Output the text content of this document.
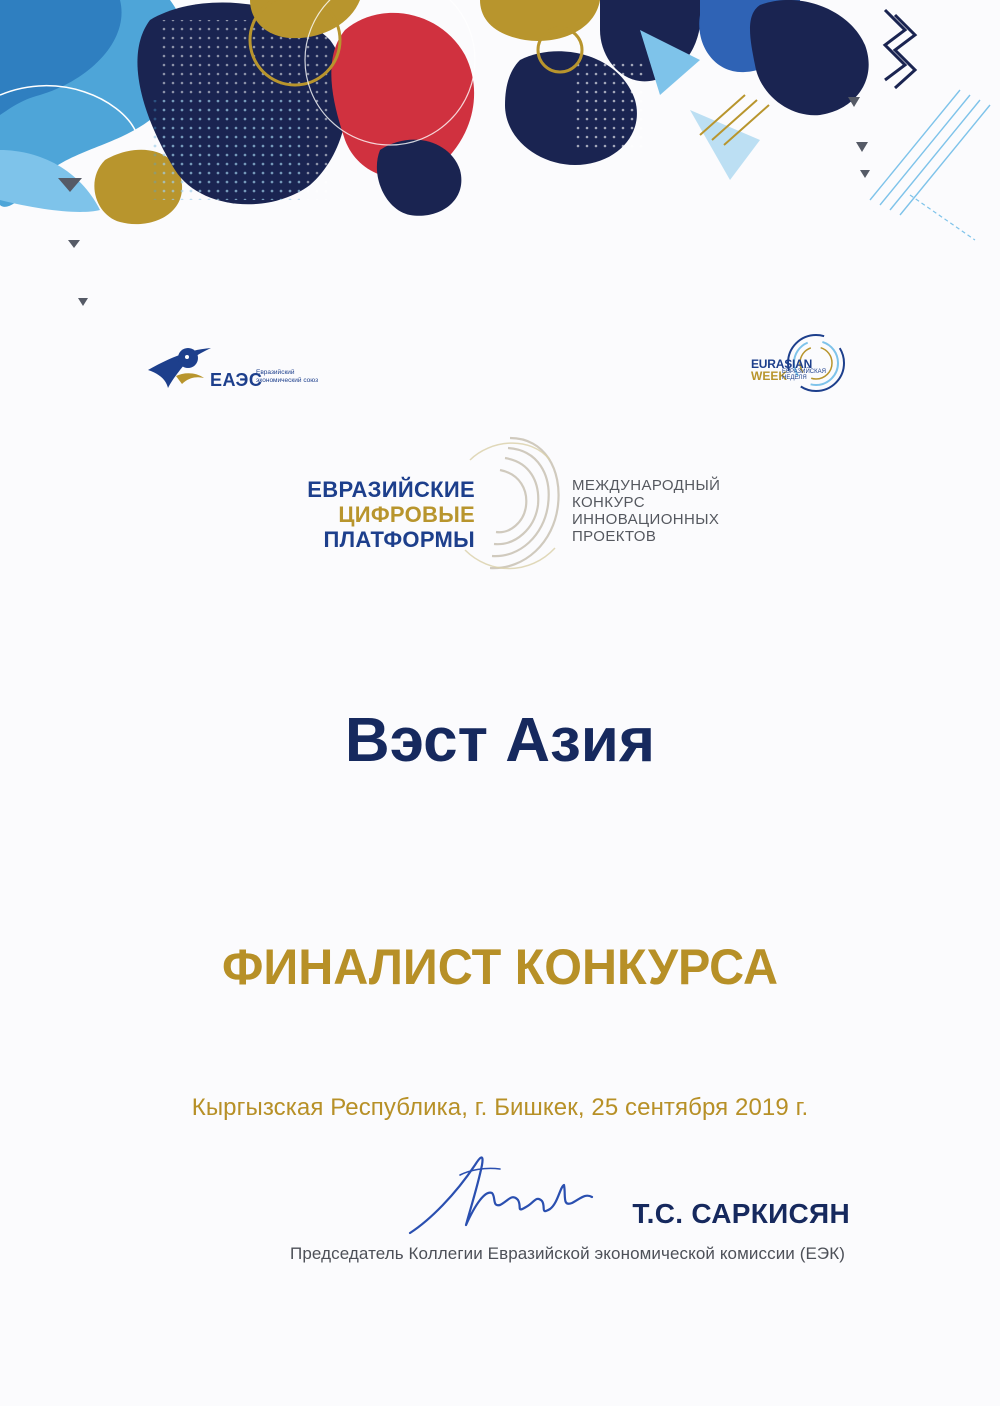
ЕАЭС
Евразийский экономический союз
EURASIAN
WEEK
ЕВРАЗИЙСКАЯ НЕДЕЛЯ
ЕВРАЗИЙСКИЕ
ЦИФРОВЫЕ
ПЛАТФОРМЫ
МЕЖДУНАРОДНЫЙ
КОНКУРС
ИННОВАЦИОННЫХ
ПРОЕКТОВ
Вэст Азия
ФИНАЛИСТ КОНКУРСА
Кыргызская Республика, г. Бишкек, 25 сентября 2019 г.
Т.С. САРКИСЯН
Председатель Коллегии Евразийской экономической комиссии (ЕЭК)
